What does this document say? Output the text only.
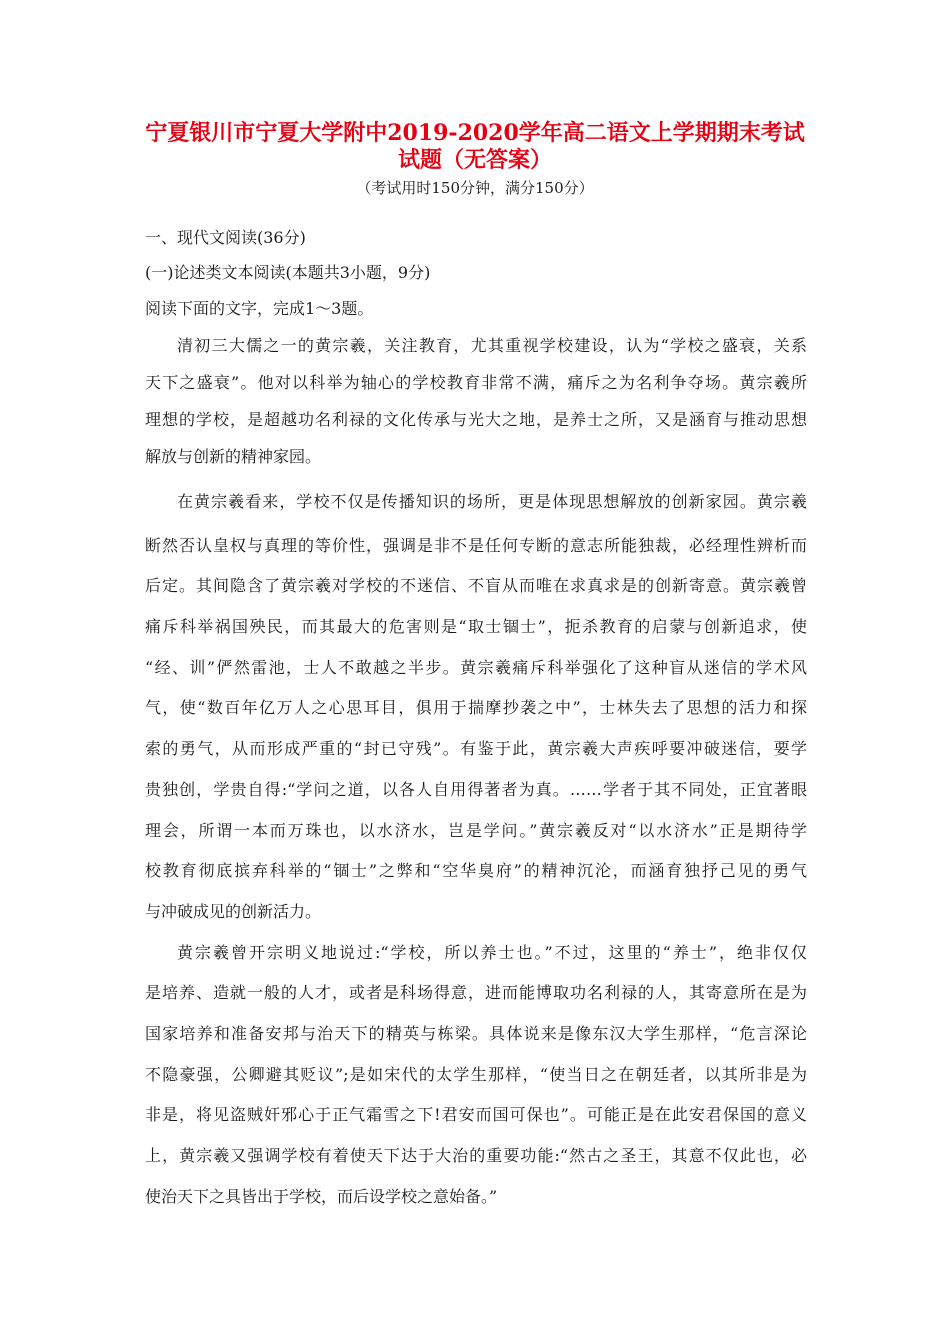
宁夏银川市宁夏大学附中2019-2020学年高二语文上学期期末考试
试题（无答案）
（考试用时150分钟，满分150分）
一、现代文阅读(36分)
(一)论述类文本阅读(本题共3小题，9分)
阅读下面的文字，完成1～3题。
清初三大儒之一的黄宗羲，关注教育，尤其重视学校建设，认为“学校之盛衰，关系
天下之盛衰”。他对以科举为轴心的学校教育非常不满，痛斥之为名利争夺场。黄宗羲所
理想的学校，是超越功名利禄的文化传承与光大之地，是养士之所，又是涵育与推动思想
解放与创新的精神家园。
在黄宗羲看来，学校不仅是传播知识的场所，更是体现思想解放的创新家园。黄宗羲
断然否认皇权与真理的等价性，强调是非不是任何专断的意志所能独裁，必经理性辨析而
后定。其间隐含了黄宗羲对学校的不迷信、不盲从而唯在求真求是的创新寄意。黄宗羲曾
痛斥科举祸国殃民，而其最大的危害则是“取士锢士”，扼杀教育的启蒙与创新追求，使
“经、训”俨然雷池，士人不敢越之半步。黄宗羲痛斥科举强化了这种盲从迷信的学术风
气，使“数百年亿万人之心思耳目，俱用于揣摩抄袭之中”，士林失去了思想的活力和探
索的勇气，从而形成严重的“封已守残”。有鉴于此，黄宗羲大声疾呼要冲破迷信，要学
贵独创，学贵自得:“学问之道，以各人自用得著者为真。……学者于其不同处，正宜著眼
理会，所谓一本而万珠也，以水济水，岂是学问。”黄宗羲反对“以水济水”正是期待学
校教育彻底摈弃科举的“锢士”之弊和“空华臭府”的精神沉沦，而涵育独抒己见的勇气
与冲破成见的创新活力。
黄宗羲曾开宗明义地说过:“学校，所以养士也。”不过，这里的“养士”，绝非仅仅
是培养、造就一般的人才，或者是科场得意，进而能博取功名利禄的人，其寄意所在是为
国家培养和准备安邦与治天下的精英与栋梁。具体说来是像东汉大学生那样，“危言深论
不隐豪强，公卿避其贬议”;是如宋代的太学生那样，“使当日之在朝廷者，以其所非是为
非是，将见盗贼奸邪心于正气霜雪之下!君安而国可保也”。可能正是在此安君保国的意义
上，黄宗羲又强调学校有着使天下达于大治的重要功能:“然古之圣王，其意不仅此也，必
使治天下之具皆出于学校，而后设学校之意始备。”
